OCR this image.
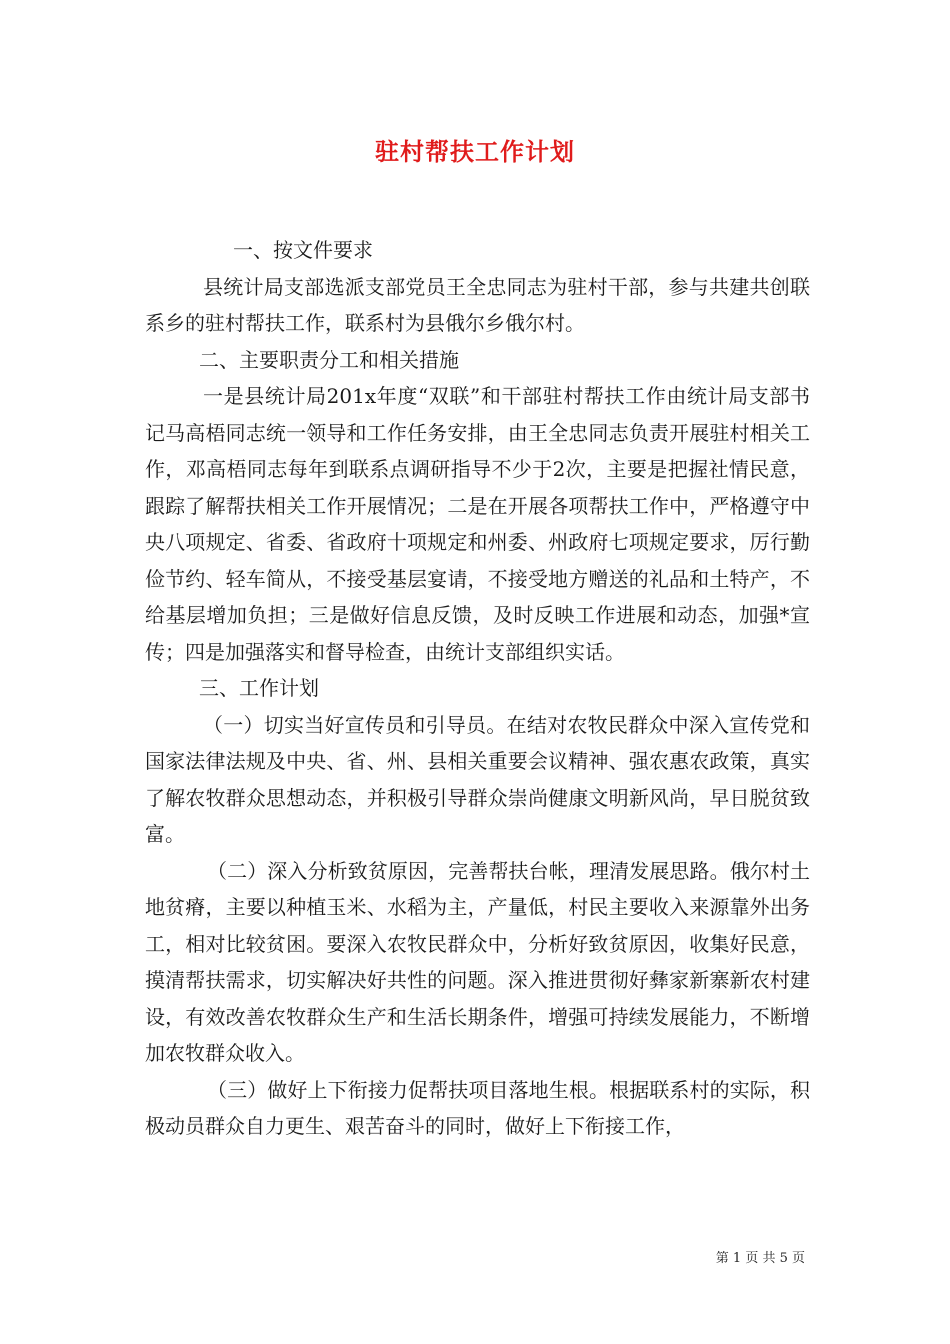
驻村帮扶工作计划

一、按文件要求

县统计局支部选派支部党员王全忠同志为驻村干部，参与共建共创联系乡的驻村帮扶工作，联系村为县俄尔乡俄尔村。

二、主要职责分工和相关措施

一是县统计局201x年度“双联”和干部驻村帮扶工作由统计局支部书记马高梧同志统一领导和工作任务安排，由王全忠同志负责开展驻村相关工作，邓高梧同志每年到联系点调研指导不少于2次，主要是把握社情民意，跟踪了解帮扶相关工作开展情况；二是在开展各项帮扶工作中，严格遵守中央八项规定、省委、省政府十项规定和州委、州政府七项规定要求，厉行勤俭节约、轻车简从，不接受基层宴请，不接受地方赠送的礼品和土特产，不给基层增加负担；三是做好信息反馈，及时反映工作进展和动态，加强*宣传；四是加强落实和督导检查，由统计支部组织实话。

三、工作计划

（一）切实当好宣传员和引导员。在结对农牧民群众中深入宣传党和国家法律法规及中央、省、州、县相关重要会议精神、强农惠农政策，真实了解农牧群众思想动态，并积极引导群众崇尚健康文明新风尚，早日脱贫致富。

（二）深入分析致贫原因，完善帮扶台帐，理清发展思路。俄尔村土地贫瘠，主要以种植玉米、水稻为主，产量低，村民主要收入来源靠外出务工，相对比较贫困。要深入农牧民群众中，分析好致贫原因，收集好民意，摸清帮扶需求，切实解决好共性的问题。深入推进贯彻好彝家新寨新农村建设，有效改善农牧群众生产和生活长期条件，增强可持续发展能力，不断增加农牧群众收入。

（三）做好上下衔接力促帮扶项目落地生根。根据联系村的实际，积极动员群众自力更生、艰苦奋斗的同时，做好上下衔接工作，

第 1 页 共 5 页
